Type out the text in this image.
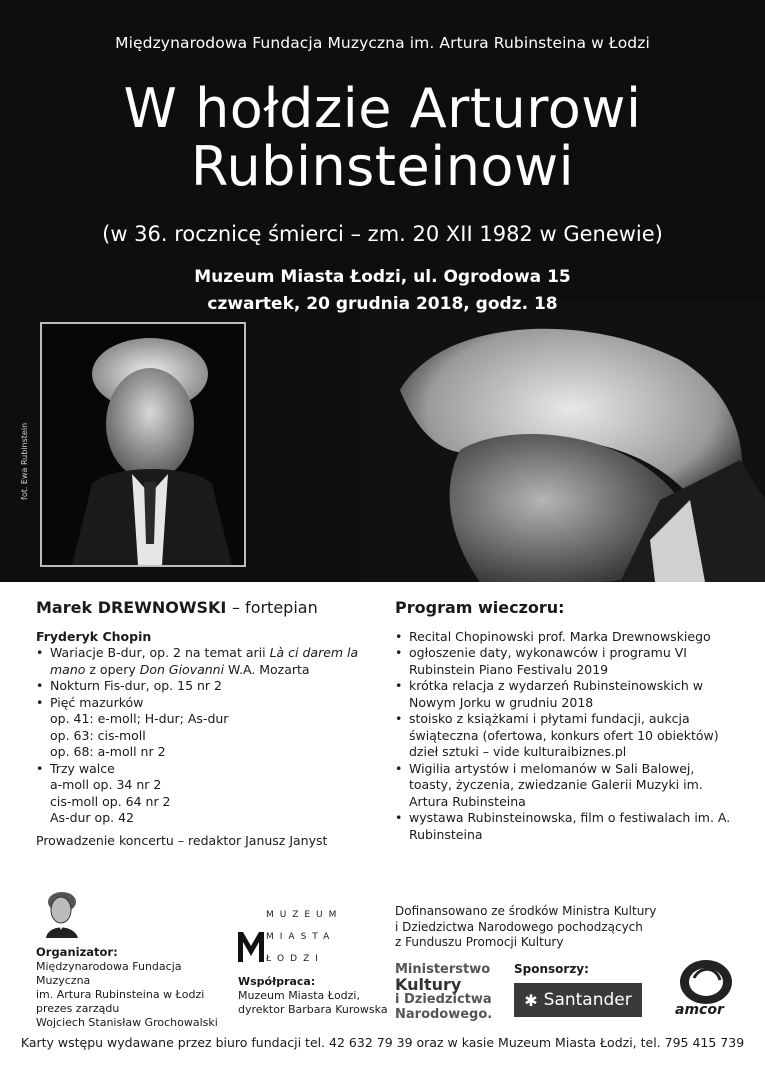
Międzynarodowa Fundacja Muzyczna im. Artura Rubinsteina w Łodzi
W hołdzie Arturowi
Rubinsteinowi
(w 36. rocznicę śmierci – zm. 20 XII 1982 w Genewie)
Muzeum Miasta Łodzi, ul. Ogrodowa 15
czwartek, 20 grudnia 2018, godz. 18
fot. Ewa Rubinstein
Marek DREWNOWSKI – fortepian
Fryderyk Chopin
• Wariacje B-dur, op. 2 na temat arii Là ci darem la mano z opery Don Giovanni W.A. Mozarta
• Nokturn Fis-dur, op. 15 nr 2
• Pięć mazurków
op. 41: e-moll; H-dur; As-dur
op. 63: cis-moll
op. 68: a-moll nr 2
• Trzy walce
a-moll op. 34 nr 2
cis-moll op. 64 nr 2
As-dur op. 42
Prowadzenie koncertu – redaktor Janusz Janyst
Program wieczoru:
• Recital Chopinowski prof. Marka Drewnowskiego
• ogłoszenie daty, wykonawców i programu VI Rubinstein Piano Festivalu 2019
• krótka relacja z wydarzeń Rubinsteinowskich w Nowym Jorku w grudniu 2018
• stoisko z książkami i płytami fundacji, aukcja świąteczna (ofertowa, konkurs ofert 10 obiektów) dzieł sztuki – vide kulturaibiznes.pl
• Wigilia artystów i melomanów w Sali Balowej, toasty, życzenia, zwiedzanie Galerii Muzyki im. Artura Rubinsteina
• wystawa Rubinsteinowska, film o festiwalach im. A. Rubinsteina
Organizator:
Międzynarodowa Fundacja Muzyczna
im. Artura Rubinsteina w Łodzi
prezes zarządu
Wojciech Stanisław Grochowalski
MUZEUM
MIASTA
ŁODZI
Współpraca:
Muzeum Miasta Łodzi,
dyrektor Barbara Kurowska
Dofinansowano ze środków Ministra Kultury
i Dziedzictwa Narodowego pochodzących
z Funduszu Promocji Kultury
Ministerstwo
Kultury
i Dziedzictwa
Narodowego.
Sponsorzy:
✱ Santander	amcor
Karty wstępu wydawane przez biuro fundacji tel. 42 632 79 39 oraz w kasie Muzeum Miasta Łodzi, tel. 795 415 739
